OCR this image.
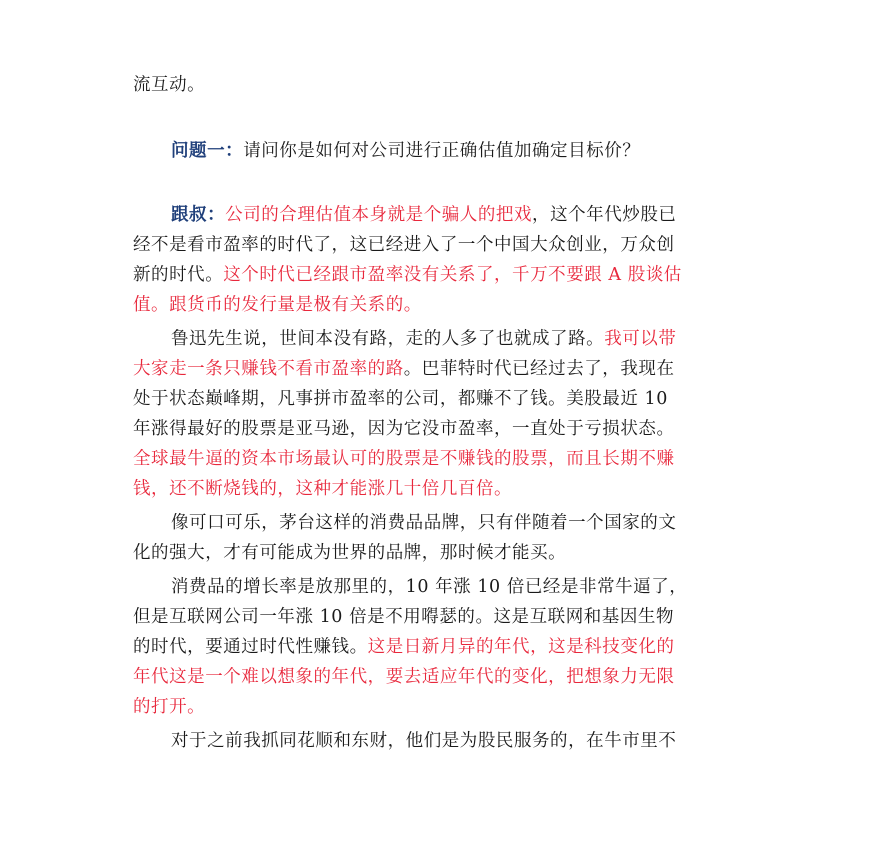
流互动。
问题一：请问你是如何对公司进行正确估值加确定目标价？
跟叔：公司的合理估值本身就是个骗人的把戏，这个年代炒股已
经不是看市盈率的时代了，这已经进入了一个中国大众创业，万众创
新的时代。这个时代已经跟市盈率没有关系了，千万不要跟 A 股谈估
值。跟货币的发行量是极有关系的。
鲁迅先生说，世间本没有路，走的人多了也就成了路。我可以带
大家走一条只赚钱不看市盈率的路。巴菲特时代已经过去了，我现在
处于状态巅峰期，凡事拼市盈率的公司，都赚不了钱。美股最近 10
年涨得最好的股票是亚马逊，因为它没市盈率，一直处于亏损状态。
全球最牛逼的资本市场最认可的股票是不赚钱的股票，而且长期不赚
钱，还不断烧钱的，这种才能涨几十倍几百倍。
像可口可乐，茅台这样的消费品品牌，只有伴随着一个国家的文
化的强大，才有可能成为世界的品牌，那时候才能买。
消费品的增长率是放那里的，10 年涨 10 倍已经是非常牛逼了，
但是互联网公司一年涨 10 倍是不用嘚瑟的。这是互联网和基因生物
的时代，要通过时代性赚钱。这是日新月异的年代，这是科技变化的
年代这是一个难以想象的年代，要去适应年代的变化，把想象力无限
的打开。
对于之前我抓同花顺和东财，他们是为股民服务的，在牛市里不
